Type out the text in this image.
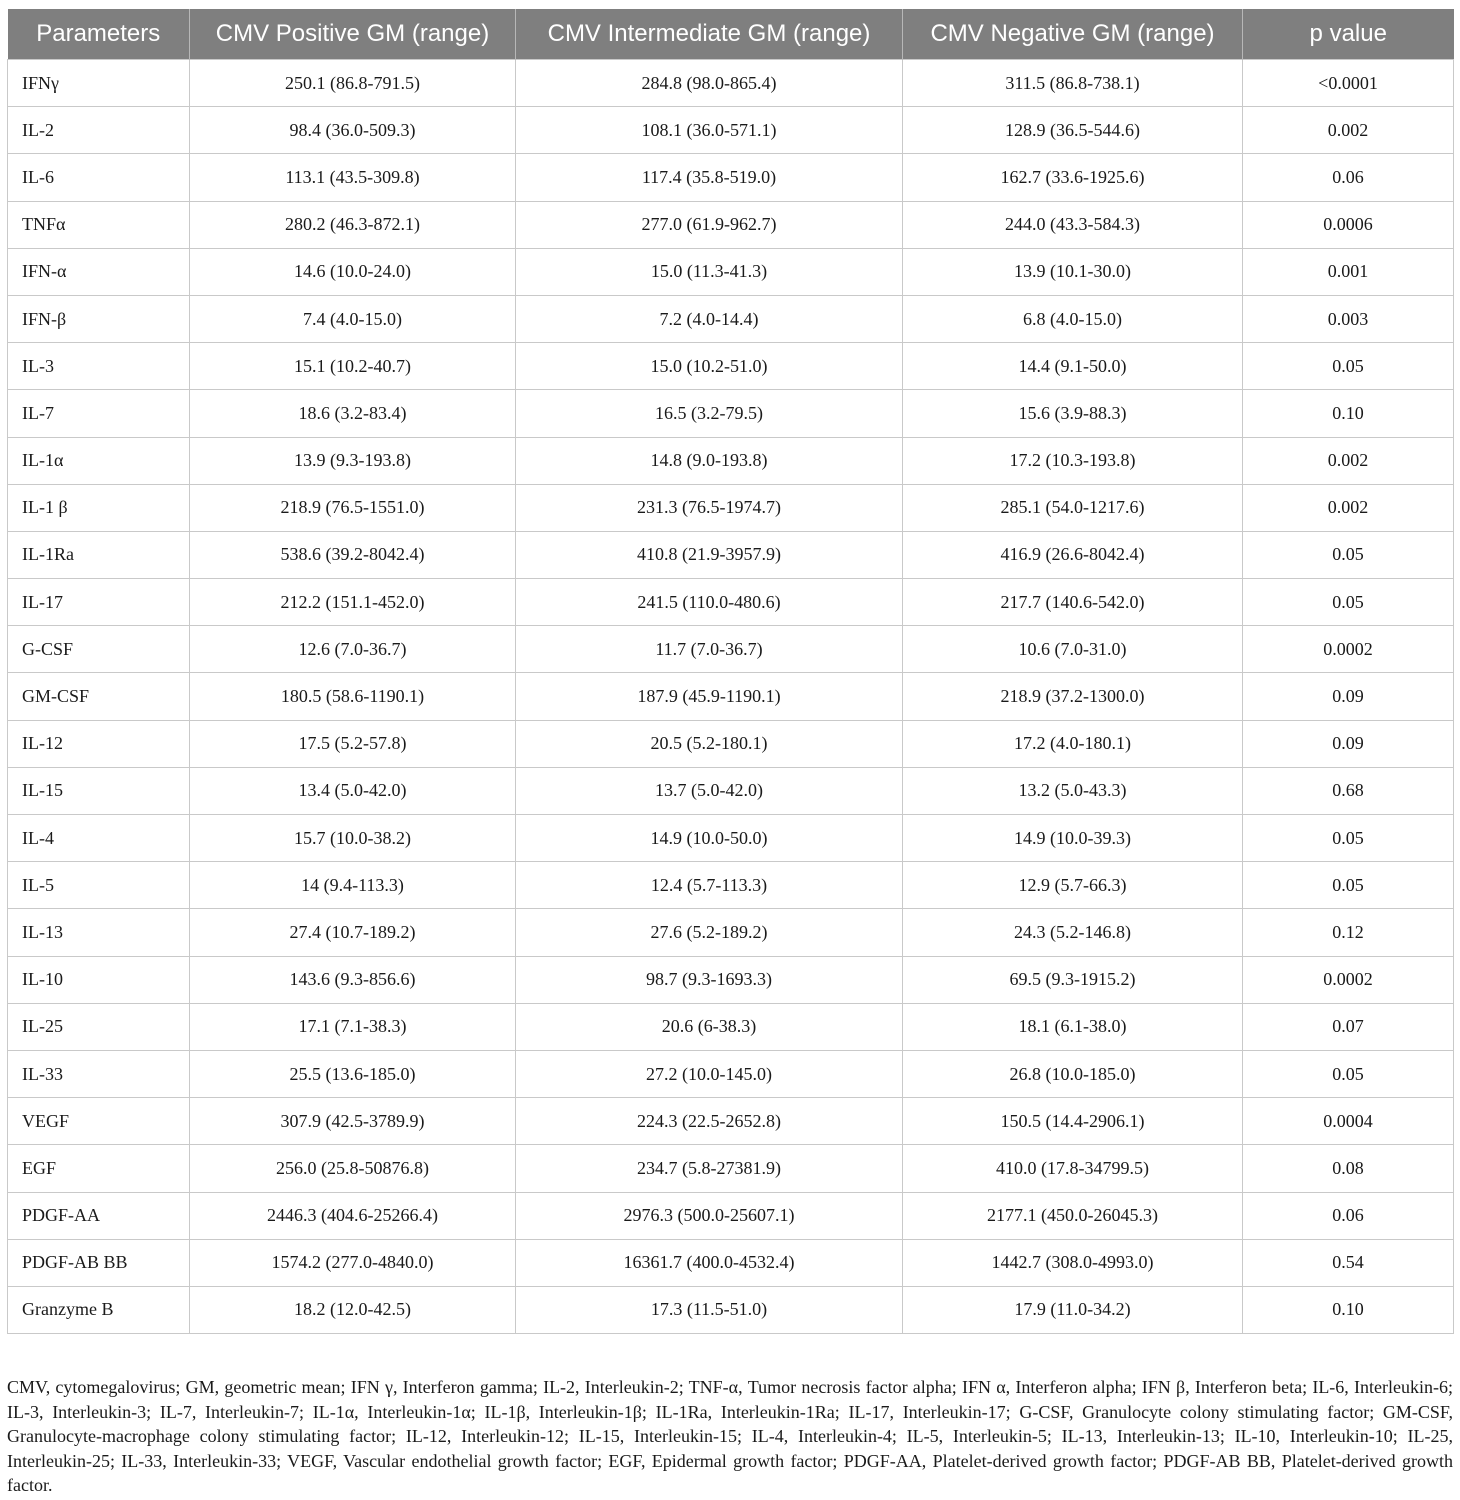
Parameters	CMV Positive GM (range)	CMV Intermediate GM (range)	CMV Negative GM (range)	p value
IFNγ	250.1 (86.8-791.5)	284.8 (98.0-865.4)	311.5 (86.8-738.1)	<0.0001
IL-2	98.4 (36.0-509.3)	108.1 (36.0-571.1)	128.9 (36.5-544.6)	0.002
IL-6	113.1 (43.5-309.8)	117.4 (35.8-519.0)	162.7 (33.6-1925.6)	0.06
TNFα	280.2 (46.3-872.1)	277.0 (61.9-962.7)	244.0 (43.3-584.3)	0.0006
IFN-α	14.6 (10.0-24.0)	15.0 (11.3-41.3)	13.9 (10.1-30.0)	0.001
IFN-β	7.4 (4.0-15.0)	7.2 (4.0-14.4)	6.8 (4.0-15.0)	0.003
IL-3	15.1 (10.2-40.7)	15.0 (10.2-51.0)	14.4 (9.1-50.0)	0.05
IL-7	18.6 (3.2-83.4)	16.5 (3.2-79.5)	15.6 (3.9-88.3)	0.10
IL-1α	13.9 (9.3-193.8)	14.8 (9.0-193.8)	17.2 (10.3-193.8)	0.002
IL-1 β	218.9 (76.5-1551.0)	231.3 (76.5-1974.7)	285.1 (54.0-1217.6)	0.002
IL-1Ra	538.6 (39.2-8042.4)	410.8 (21.9-3957.9)	416.9 (26.6-8042.4)	0.05
IL-17	212.2 (151.1-452.0)	241.5 (110.0-480.6)	217.7 (140.6-542.0)	0.05
G-CSF	12.6 (7.0-36.7)	11.7 (7.0-36.7)	10.6 (7.0-31.0)	0.0002
GM-CSF	180.5 (58.6-1190.1)	187.9 (45.9-1190.1)	218.9 (37.2-1300.0)	0.09
IL-12	17.5 (5.2-57.8)	20.5 (5.2-180.1)	17.2 (4.0-180.1)	0.09
IL-15	13.4 (5.0-42.0)	13.7 (5.0-42.0)	13.2 (5.0-43.3)	0.68
IL-4	15.7 (10.0-38.2)	14.9 (10.0-50.0)	14.9 (10.0-39.3)	0.05
IL-5	14 (9.4-113.3)	12.4 (5.7-113.3)	12.9 (5.7-66.3)	0.05
IL-13	27.4 (10.7-189.2)	27.6 (5.2-189.2)	24.3 (5.2-146.8)	0.12
IL-10	143.6 (9.3-856.6)	98.7 (9.3-1693.3)	69.5 (9.3-1915.2)	0.0002
IL-25	17.1 (7.1-38.3)	20.6 (6-38.3)	18.1 (6.1-38.0)	0.07
IL-33	25.5 (13.6-185.0)	27.2 (10.0-145.0)	26.8 (10.0-185.0)	0.05
VEGF	307.9 (42.5-3789.9)	224.3 (22.5-2652.8)	150.5 (14.4-2906.1)	0.0004
EGF	256.0 (25.8-50876.8)	234.7 (5.8-27381.9)	410.0 (17.8-34799.5)	0.08
PDGF-AA	2446.3 (404.6-25266.4)	2976.3 (500.0-25607.1)	2177.1 (450.0-26045.3)	0.06
PDGF-AB BB	1574.2 (277.0-4840.0)	16361.7 (400.0-4532.4)	1442.7 (308.0-4993.0)	0.54
Granzyme B	18.2 (12.0-42.5)	17.3 (11.5-51.0)	17.9 (11.0-34.2)	0.10

CMV, cytomegalovirus; GM, geometric mean; IFN γ, Interferon gamma; IL-2, Interleukin-2; TNF-α, Tumor necrosis factor alpha; IFN α, Interferon alpha; IFN β, Interferon beta; IL-6, Interleukin-6; IL-3, Interleukin-3; IL-7, Interleukin-7; IL-1α, Interleukin-1α; IL-1β, Interleukin-1β; IL-1Ra, Interleukin-1Ra; IL-17, Interleukin-17; G-CSF, Granulocyte colony stimulating factor; GM-CSF, Granulocyte-macrophage colony stimulating factor; IL-12, Interleukin-12; IL-15, Interleukin-15; IL-4, Interleukin-4; IL-5, Interleukin-5; IL-13, Interleukin-13; IL-10, Interleukin-10; IL-25, Interleukin-25; IL-33, Interleukin-33; VEGF, Vascular endothelial growth factor; EGF, Epidermal growth factor; PDGF-AA, Platelet-derived growth factor; PDGF-AB BB, Platelet-derived growth factor.
